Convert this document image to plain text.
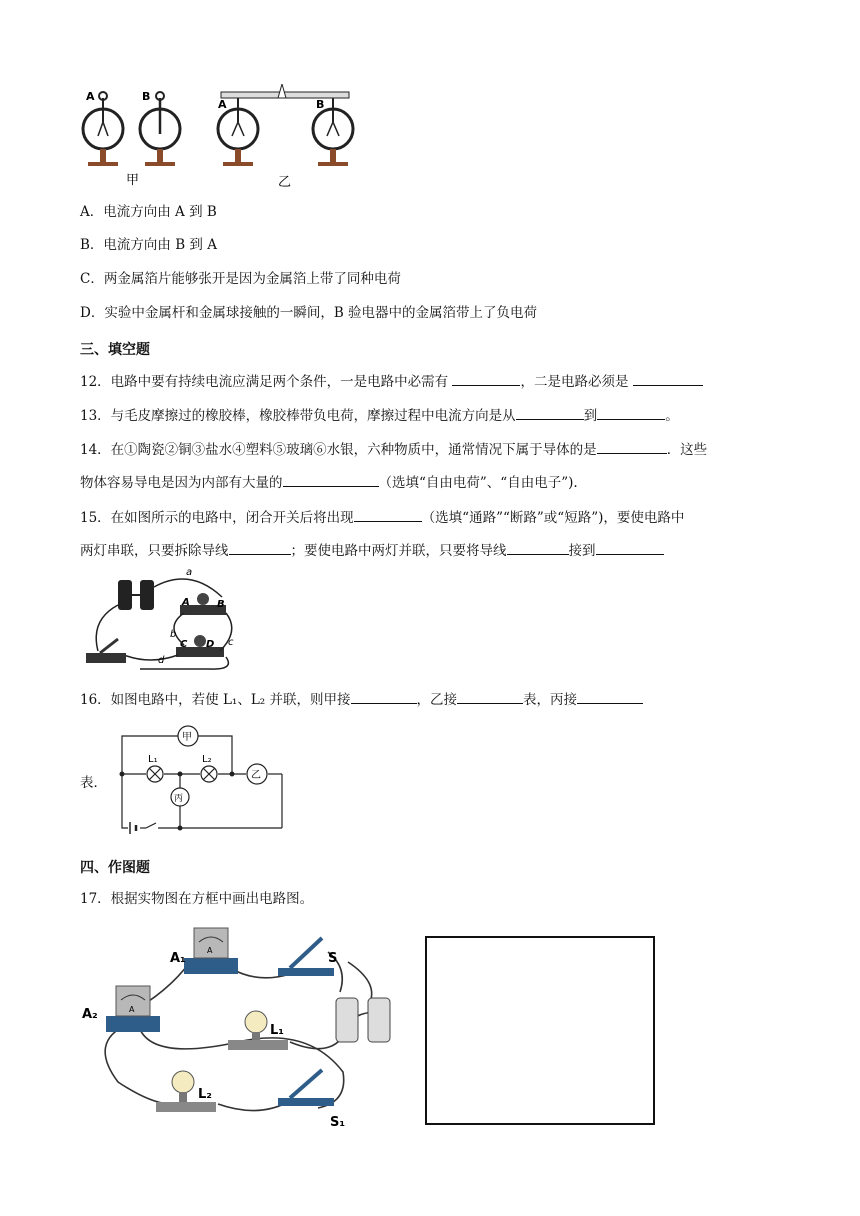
A	B
甲
A	B
乙
A．电流方向由 A 到 B
B．电流方向由 B 到 A
C．两金属箔片能够张开是因为金属箔上带了同种电荷
D．实验中金属杆和金属球接触的一瞬间，B 验电器中的金属箔带上了负电荷
三、填空题
12．电路中要有持续电流应满足两个条件，一是电路中必需有	，二是电路必须是
13．与毛皮摩擦过的橡胶棒，橡胶棒带负电荷，摩擦过程中电流方向是从	到	。
14．在①陶瓷②铜③盐水④塑料⑤玻璃⑥水银，六种物质中，通常情况下属于导体的是	．这些
物体容易导电是因为内部有大量的	（选填“自由电荷”、“自由电子”).
15．在如图所示的电路中，闭合开关后将出现	（选填“通路”“断路”或“短路”)，要使电路中
两灯串联，只要拆除导线	；要使电路中两灯并联，只要将导线	接到
a
A	B
C D
b
c
d
16．如图电路中，若使 L₁、L₂ 并联，则甲接	，乙接	表，丙接
表．
甲
乙
丙
L₁	L₂
四、作图题
17．根据实物图在方框中画出电路图。
A
A₁
A
A₂
S
L₁
L₂
S₁
